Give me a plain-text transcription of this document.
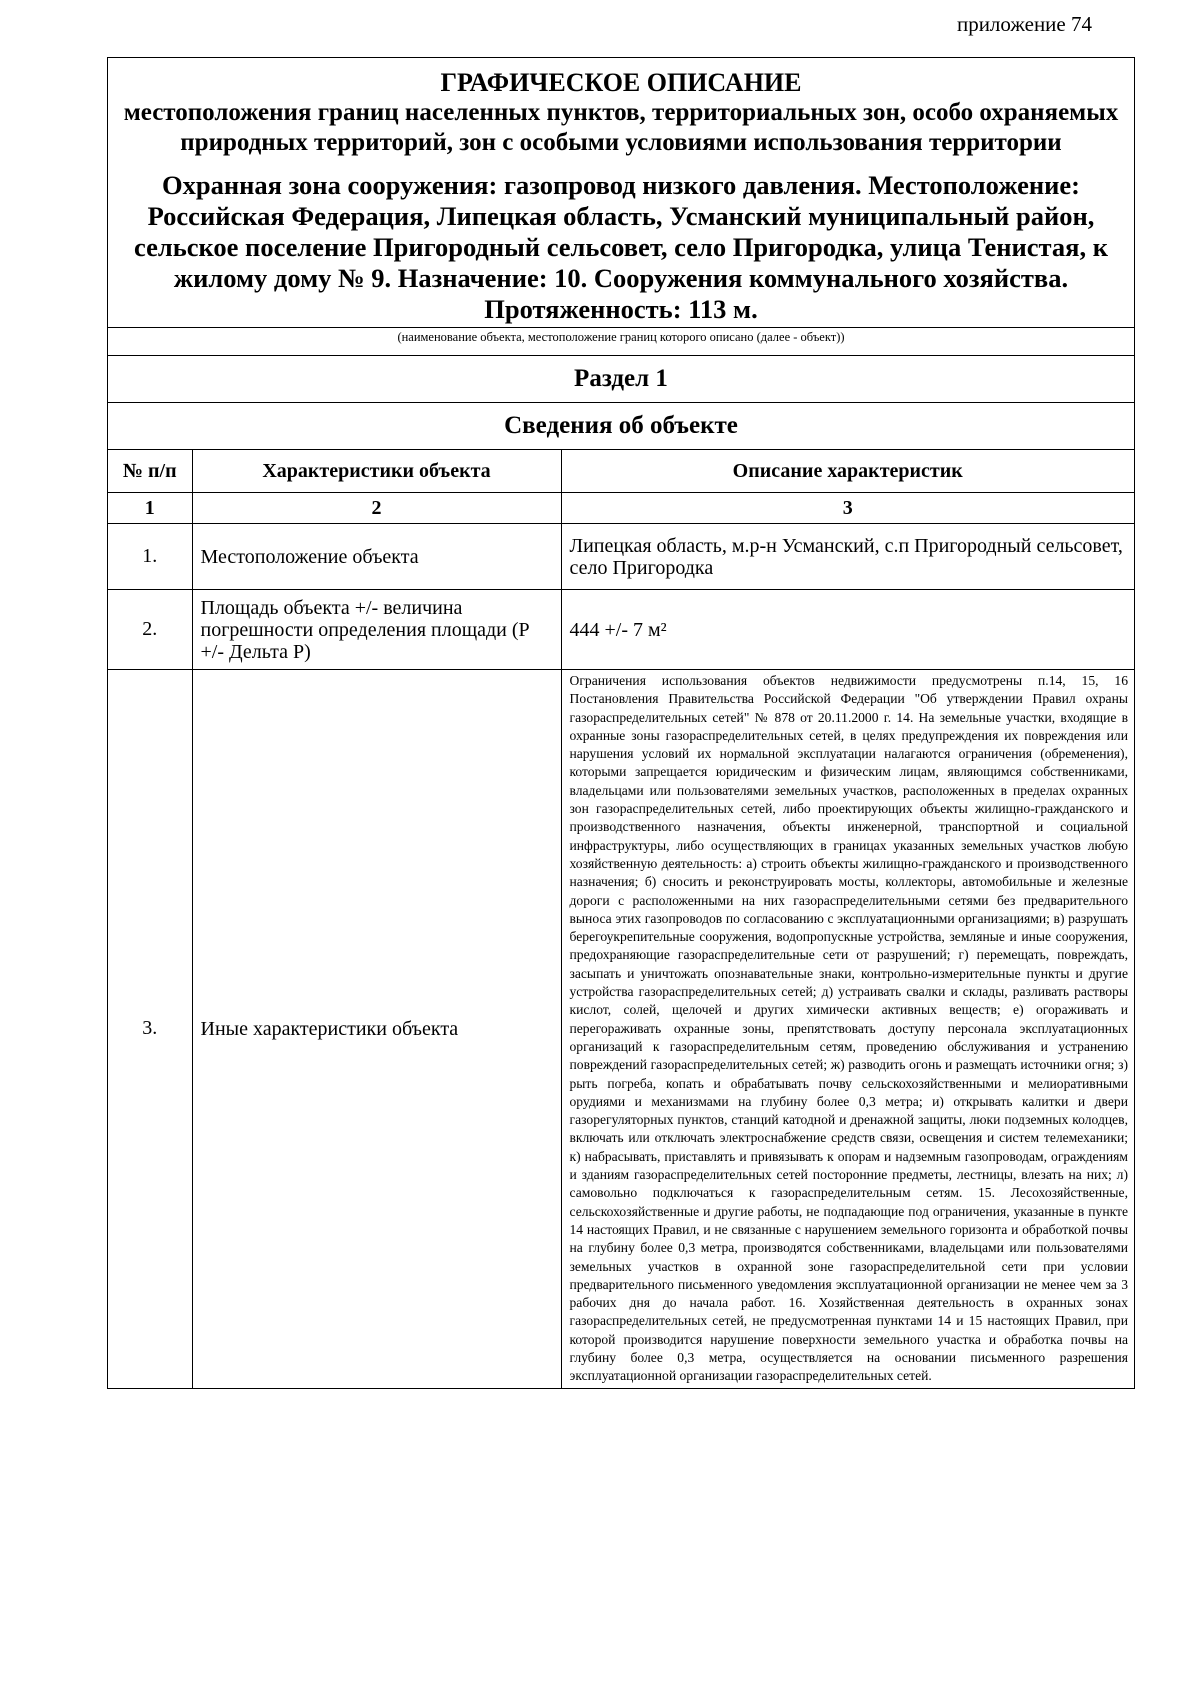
приложение 74
ГРАФИЧЕСКОЕ ОПИСАНИЕ
местоположения границ населенных пунктов, территориальных зон, особо охраняемых природных территорий, зон с особыми условиями использования территории
Охранная зона сооружения: газопровод низкого давления. Местоположение: Российская Федерация, Липецкая область, Усманский муниципальный район, сельское поселение Пригородный сельсовет, село Пригородка, улица Тенистая, к жилому дому № 9. Назначение: 10. Сооружения коммунального хозяйства. Протяженность: 113 м.
(наименование объекта, местоположение границ которого описано (далее - объект))
Раздел 1
Сведения об объекте
№ п/п	Характеристики объекта	Описание характеристик
1	2	3
1.	Местоположение объекта	Липецкая область, м.р-н Усманский, с.п Пригородный сельсовет, село Пригородка
2.	Площадь объекта +/- величина погрешности определения площади (Р +/- Дельта Р)	444 +/- 7 м²
3.	Иные характеристики объекта	Ограничения использования объектов недвижимости предусмотрены п.14, 15, 16 Постановления Правительства Российской Федерации "Об утверждении Правил охраны газораспределительных сетей" № 878 от 20.11.2000 г. 14. На земельные участки, входящие в охранные зоны газораспределительных сетей, в целях предупреждения их повреждения или нарушения условий их нормальной эксплуатации налагаются ограничения (обременения), которыми запрещается юридическим и физическим лицам, являющимся собственниками, владельцами или пользователями земельных участков, расположенных в пределах охранных зон газораспределительных сетей, либо проектирующих объекты жилищно-гражданского и производственного назначения, объекты инженерной, транспортной и социальной инфраструктуры, либо осуществляющих в границах указанных земельных участков любую хозяйственную деятельность: а) строить объекты жилищно-гражданского и производственного назначения; б) сносить и реконструировать мосты, коллекторы, автомобильные и железные дороги с расположенными на них газораспределительными сетями без предварительного выноса этих газопроводов по согласованию с эксплуатационными организациями; в) разрушать берегоукрепительные сооружения, водопропускные устройства, земляные и иные сооружения, предохраняющие газораспределительные сети от разрушений; г) перемещать, повреждать, засыпать и уничтожать опознавательные знаки, контрольно-измерительные пункты и другие устройства газораспределительных сетей; д) устраивать свалки и склады, разливать растворы кислот, солей, щелочей и других химически активных веществ; е) огораживать и перегораживать охранные зоны, препятствовать доступу персонала эксплуатационных организаций к газораспределительным сетям, проведению обслуживания и устранению повреждений газораспределительных сетей; ж) разводить огонь и размещать источники огня; з) рыть погреба, копать и обрабатывать почву сельскохозяйственными и мелиоративными орудиями и механизмами на глубину более 0,3 метра; и) открывать калитки и двери газорегуляторных пунктов, станций катодной и дренажной защиты, люки подземных колодцев, включать или отключать электроснабжение средств связи, освещения и систем телемеханики; к) набрасывать, приставлять и привязывать к опорам и надземным газопроводам, ограждениям и зданиям газораспределительных сетей посторонние предметы, лестницы, влезать на них; л) самовольно подключаться к газораспределительным сетям. 15. Лесохозяйственные, сельскохозяйственные и другие работы, не подпадающие под ограничения, указанные в пункте 14 настоящих Правил, и не связанные с нарушением земельного горизонта и обработкой почвы на глубину более 0,3 метра, производятся собственниками, владельцами или пользователями земельных участков в охранной зоне газораспределительной сети при условии предварительного письменного уведомления эксплуатационной организации не менее чем за 3 рабочих дня до начала работ. 16. Хозяйственная деятельность в охранных зонах газораспределительных сетей, не предусмотренная пунктами 14 и 15 настоящих Правил, при которой производится нарушение поверхности земельного участка и обработка почвы на глубину более 0,3 метра, осуществляется на основании письменного разрешения эксплуатационной организации газораспределительных сетей.
